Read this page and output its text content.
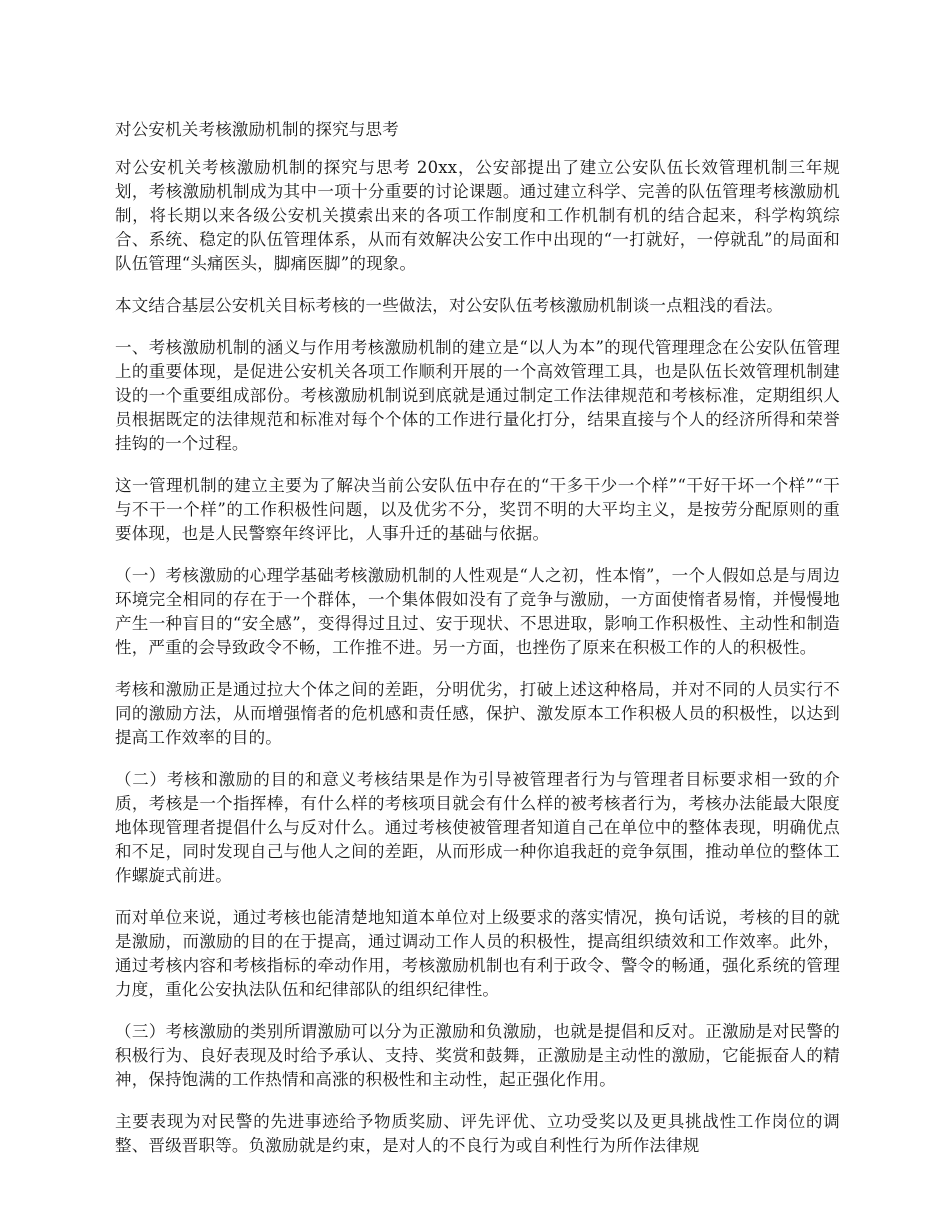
对公安机关考核激励机制的探究与思考

对公安机关考核激励机制的探究与思考 20xx，公安部提出了建立公安队伍长效管理机制三年规划，考核激励机制成为其中一项十分重要的讨论课题。通过建立科学、完善的队伍管理考核激励机制，将长期以来各级公安机关摸索出来的各项工作制度和工作机制有机的结合起来，科学构筑综合、系统、稳定的队伍管理体系，从而有效解决公安工作中出现的“一打就好，一停就乱”的局面和队伍管理“头痛医头，脚痛医脚”的现象。

本文结合基层公安机关目标考核的一些做法，对公安队伍考核激励机制谈一点粗浅的看法。

一、考核激励机制的涵义与作用考核激励机制的建立是“以人为本”的现代管理理念在公安队伍管理上的重要体现，是促进公安机关各项工作顺利开展的一个高效管理工具，也是队伍长效管理机制建设的一个重要组成部份。考核激励机制说到底就是通过制定工作法律规范和考核标准，定期组织人员根据既定的法律规范和标准对每个个体的工作进行量化打分，结果直接与个人的经济所得和荣誉挂钩的一个过程。

这一管理机制的建立主要为了解决当前公安队伍中存在的“干多干少一个样”“干好干坏一个样”“干与不干一个样”的工作积极性问题，以及优劣不分，奖罚不明的大平均主义，是按劳分配原则的重要体现，也是人民警察年终评比，人事升迁的基础与依据。

（一）考核激励的心理学基础考核激励机制的人性观是“人之初，性本惰”，一个人假如总是与周边环境完全相同的存在于一个群体，一个集体假如没有了竞争与激励，一方面使惰者易惰，并慢慢地产生一种盲目的“安全感”，变得得过且过、安于现状、不思进取，影响工作积极性、主动性和制造性，严重的会导致政令不畅，工作推不进。另一方面，也挫伤了原来在积极工作的人的积极性。

考核和激励正是通过拉大个体之间的差距，分明优劣，打破上述这种格局，并对不同的人员实行不同的激励方法，从而增强惰者的危机感和责任感，保护、激发原本工作积极人员的积极性，以达到提高工作效率的目的。

（二）考核和激励的目的和意义考核结果是作为引导被管理者行为与管理者目标要求相一致的介质，考核是一个指挥棒，有什么样的考核项目就会有什么样的被考核者行为，考核办法能最大限度地体现管理者提倡什么与反对什么。通过考核使被管理者知道自己在单位中的整体表现，明确优点和不足，同时发现自己与他人之间的差距，从而形成一种你追我赶的竞争氛围，推动单位的整体工作螺旋式前进。

而对单位来说，通过考核也能清楚地知道本单位对上级要求的落实情况，换句话说，考核的目的就是激励，而激励的目的在于提高，通过调动工作人员的积极性，提高组织绩效和工作效率。此外，通过考核内容和考核指标的牵动作用，考核激励机制也有利于政令、警令的畅通，强化系统的管理力度，重化公安执法队伍和纪律部队的组织纪律性。

（三）考核激励的类别所谓激励可以分为正激励和负激励，也就是提倡和反对。正激励是对民警的积极行为、良好表现及时给予承认、支持、奖赏和鼓舞，正激励是主动性的激励，它能振奋人的精神，保持饱满的工作热情和高涨的积极性和主动性，起正强化作用。

主要表现为对民警的先进事迹给予物质奖励、评先评优、立功受奖以及更具挑战性工作岗位的调整、晋级晋职等。负激励就是约束，是对人的不良行为或自利性行为所作法律规
